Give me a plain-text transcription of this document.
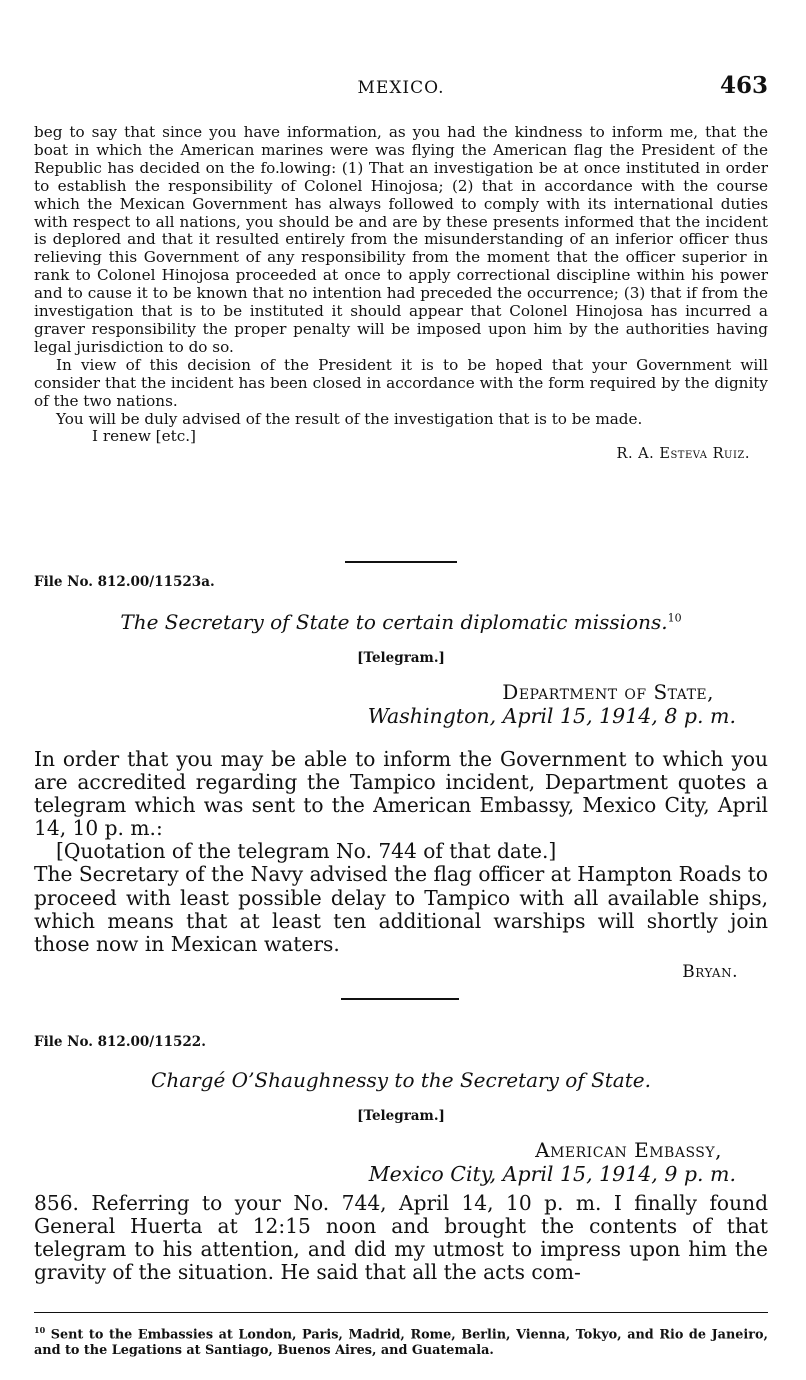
MEXICO.	463

beg to say that since you have information, as you had the kindness to inform me, that the boat in which the American marines were was flying the American flag the President of the Republic has decided on the fo.lowing: (1) That an investigation be at once instituted in order to establish the responsibility of Colonel Hinojosa; (2) that in accordance with the course which the Mexican Government has always followed to comply with its international duties with respect to all nations, you should be and are by these presents informed that the incident is deplored and that it resulted entirely from the misunderstanding of an inferior officer thus relieving this Government of any responsibility from the moment that the officer superior in rank to Colonel Hinojosa proceeded at once to apply correctional discipline within his power and to cause it to be known that no intention had preceded the occurrence; (3) that if from the investigation that is to be instituted it should appear that Colonel Hinojosa has incurred a graver responsibility the proper penalty will be imposed upon him by the authorities having legal jurisdiction to do so.

In view of this decision of the President it is to be hoped that your Government will consider that the incident has been closed in accordance with the form required by the dignity of the two nations.

You will be duly advised of the result of the investigation that is to be made.

I renew [etc.]

R. A. Esteva Ruiz.

File No. 812.00/11523a.
The Secretary of State to certain diplomatic missions.$^{10}$
[Telegram.]
Department of State,
Washington, April 15, 1914, 8 p. m.

In order that you may be able to inform the Government to which you are accredited regarding the Tampico incident, Department quotes a telegram which was sent to the American Embassy, Mexico City, April 14, 10 p. m.:

[Quotation of the telegram No. 744 of that date.]

The Secretary of the Navy advised the flag officer at Hampton Roads to proceed with least possible delay to Tampico with all available ships, which means that at least ten additional warships will shortly join those now in Mexican waters.

Bryan.
File No. 812.00/11522.
Chargé O’Shaughnessy to the Secretary of State.
[Telegram.]
American Embassy,
Mexico City, April 15, 1914, 9 p. m.

856. Referring to your No. 744, April 14, 10 p. m. I finally found General Huerta at 12:15 noon and brought the contents of that telegram to his attention, and did my utmost to impress upon him the gravity of the situation. He said that all the acts com-

$^{10}$ Sent to the Embassies at London, Paris, Madrid, Rome, Berlin, Vienna, Tokyo, and Rio de Janeiro, and to the Legations at Santiago, Buenos Aires, and Guatemala.
